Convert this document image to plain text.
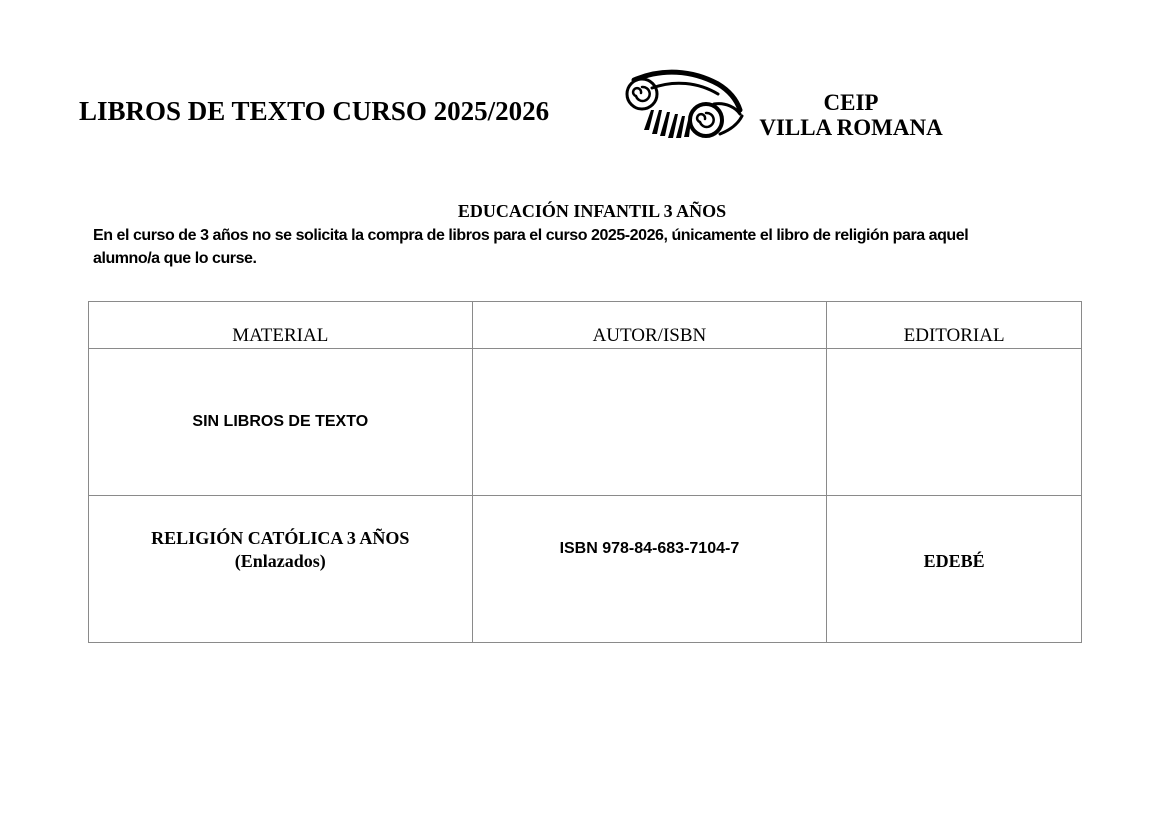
LIBROS DE TEXTO CURSO 2025/2026	CEIP
VILLA ROMANA
EDUCACIÓN INFANTIL 3 AÑOS

En el curso de 3 años no se solicita la compra de libros para el curso 2025-2026, únicamente el libro de religión para aquel
alumno/a que lo curse.

MATERIAL	AUTOR/ISBN	EDITORIAL
SIN LIBROS DE TEXTO		

RELIGIÓN CATÓLICA 3 AÑOS
(Enlazados)	ISBN 978-84-683-7104-7	EDEBÉ
